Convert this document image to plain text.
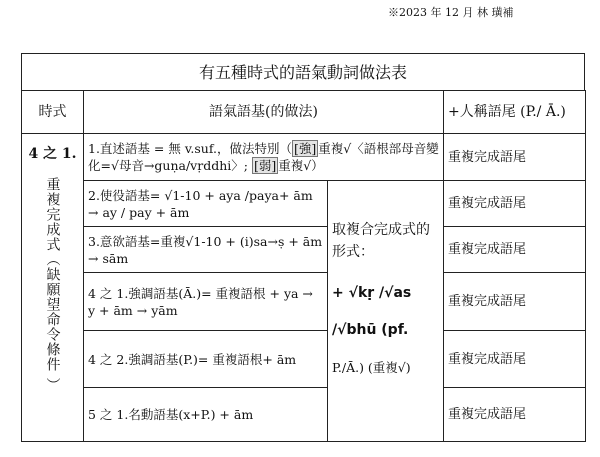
※2023 年 12 月 林 璜補
有五種時式的語氣動詞做法表
時式	語氣語基(的做法)		+人稱語尾 (P./ Ā.)

4 之 1.
重複完成式（缺願望命令條件 ）	1.直述語基 = 無 v.suf.，做法特別（ [強] 重複√〈語根部母音變化=√母音→guṇa/vṛddhi〉; [弱] 重複√）		重複完成語尾
	2.使役語基= √1-10 + aya /paya+ ām → ay / pay + ām	取複合完成式的形式：
+ √kṛ /√as
/√bhū (pf.
P./Ā.) (重複√)	重複完成語尾
	3.意欲語基=重複√1-10 + (i)sa→ṣ + ām → sām		重複完成語尾
	4 之 1.強調語基(Ā.)= 重複語根 + ya → y + ām → yām		重複完成語尾
	4 之 2.強調語基(P.)= 重複語根+ ām		重複完成語尾
	5 之 1.名動語基(x+P.) + ām		重複完成語尾
